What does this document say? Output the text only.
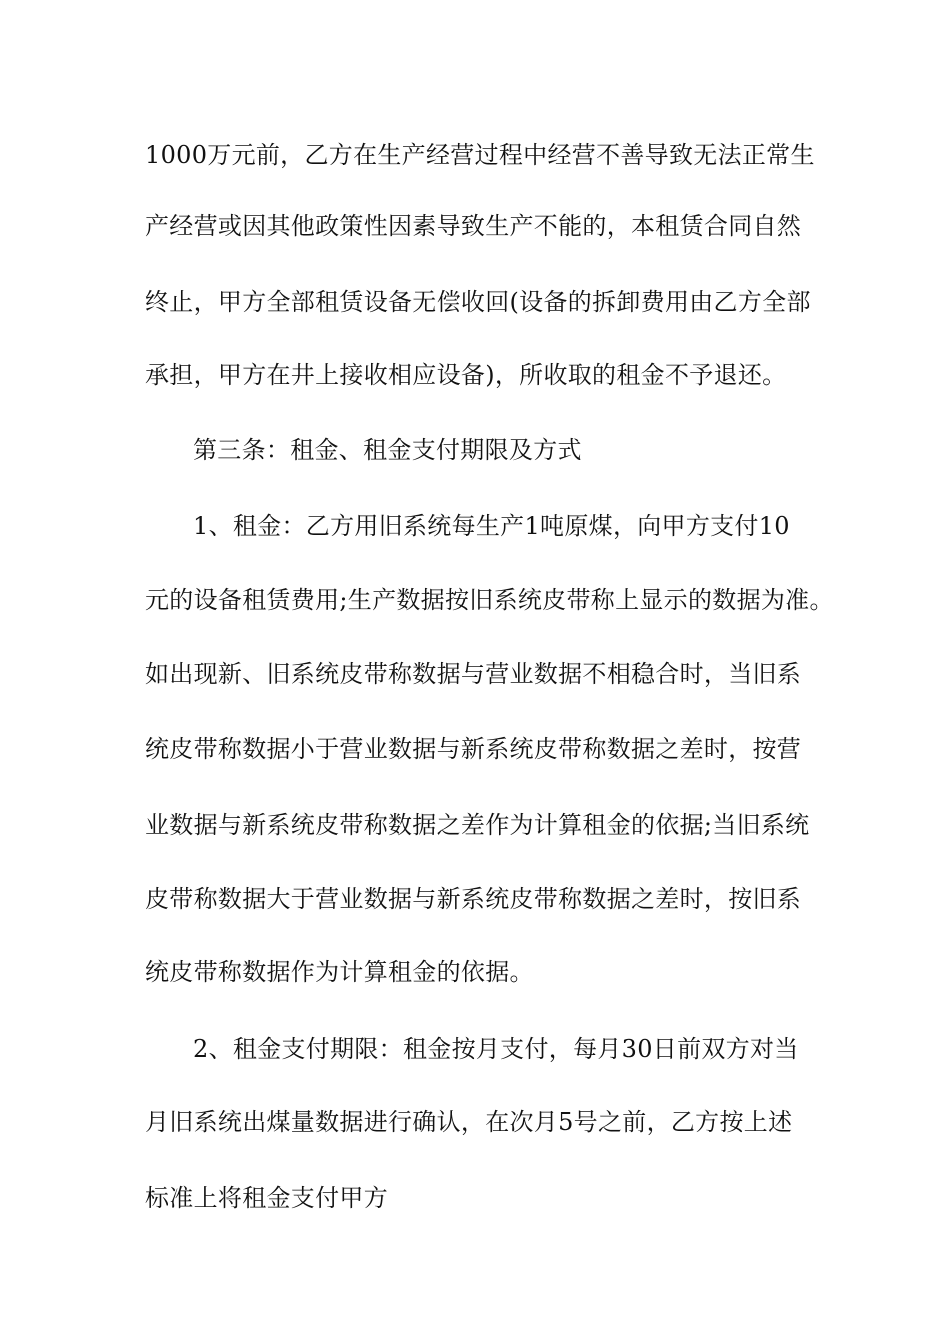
1000万元前，乙方在生产经营过程中经营不善导致无法正常生
产经营或因其他政策性因素导致生产不能的，本租赁合同自然
终止，甲方全部租赁设备无偿收回(设备的拆卸费用由乙方全部
承担，甲方在井上接收相应设备)，所收取的租金不予退还。
第三条：租金、租金支付期限及方式
1、租金：乙方用旧系统每生产1吨原煤，向甲方支付10
元的设备租赁费用;生产数据按旧系统皮带称上显示的数据为准。
如出现新、旧系统皮带称数据与营业数据不相稳合时，当旧系
统皮带称数据小于营业数据与新系统皮带称数据之差时，按营
业数据与新系统皮带称数据之差作为计算租金的依据;当旧系统
皮带称数据大于营业数据与新系统皮带称数据之差时，按旧系
统皮带称数据作为计算租金的依据。
2、租金支付期限：租金按月支付，每月30日前双方对当
月旧系统出煤量数据进行确认，在次月5号之前，乙方按上述
标准上将租金支付甲方
